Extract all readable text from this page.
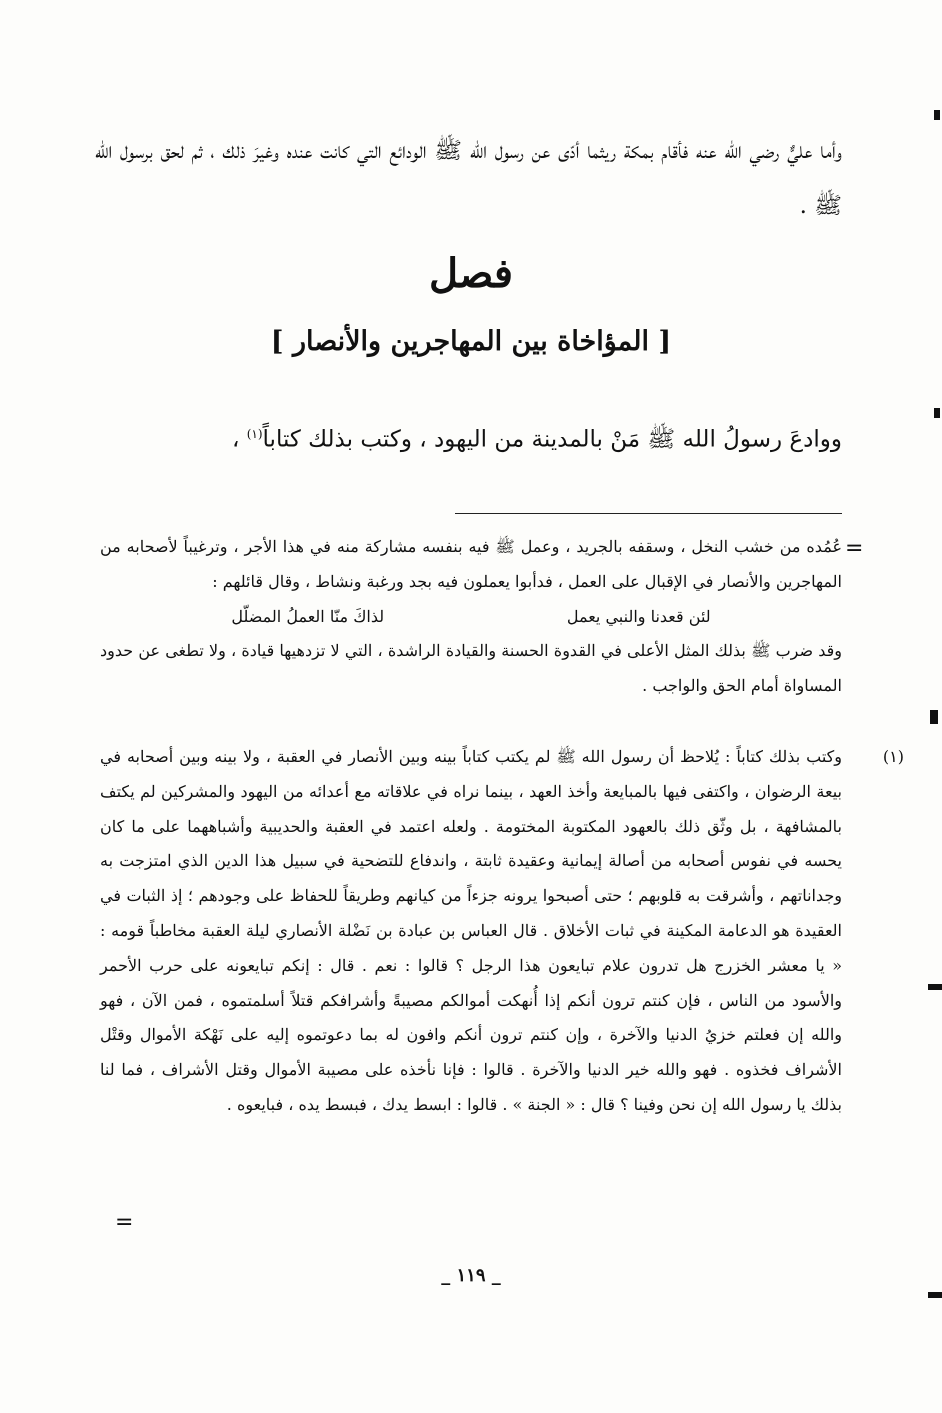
وأما عليٌّ رضي الله عنه فأقام بمكة ريثما أدّى عن رسول الله ﷺ الودائع التي كانت عنده وغيرَ ذلك ، ثم لحق برسول الله ﷺ .

فصل
[ المؤاخاة بين المهاجرين والأنصار ]

ووادعَ رسولُ الله ﷺ مَنْ بالمدينة من اليهود ، وكتب بذلك كتاباً$^{(١)}$ ،

عُمُده من خشب النخل ، وسقفه بالجريد ، وعمل ﷺ فيه بنفسه مشاركة منه في هذا الأجر ، وترغيباً لأصحابه من المهاجرين والأنصار في الإقبال على العمل ، فدأبوا يعملون فيه بجد ورغبة ونشاط ، وقال قائلهم :

لئن قعدنا والنبي يعمل
لذاكَ منّا العملُ المضلّل

وقد ضرب ﷺ بذلك المثل الأعلى في القدوة الحسنة والقيادة الراشدة ، التي لا تزدهيها قيادة ، ولا تطغى عن حدود المساواة أمام الحق والواجب .

=
(١)

وكتب بذلك كتاباً : يُلاحظ أن رسول الله ﷺ لم يكتب كتاباً بينه وبين الأنصار في العقبة ، ولا بينه وبين أصحابه في بيعة الرضوان ، واكتفى فيها بالمبايعة وأخذ العهد ، بينما نراه في علاقاته مع أعدائه من اليهود والمشركين لم يكتف بالمشافهة ، بل وثّق ذلك بالعهود المكتوبة المختومة . ولعله اعتمد في العقبة والحديبية وأشباههما على ما كان يحسه في نفوس أصحابه من أصالة إيمانية وعقيدة ثابتة ، واندفاع للتضحية في سبيل هذا الدين الذي امتزجت به وجداناتهم ، وأشرقت به قلوبهم ؛ حتى أصبحوا يرونه جزءاً من كيانهم وطريقاً للحفاظ على وجودهم ؛ إذ الثبات في العقيدة هو الدعامة المكينة في ثبات الأخلاق . قال العباس بن عبادة بن نَضْلة الأنصاري ليلة العقبة مخاطباً قومه : « يا معشر الخزرج هل تدرون علام تبايعون هذا الرجل ؟ قالوا : نعم . قال : إنكم تبايعونه على حرب الأحمر والأسود من الناس ، فإن كنتم ترون أنكم إذا أُنهكت أموالكم مصيبةً وأشرافكم قتلاً أسلمتموه ، فمن الآن ، فهو والله إن فعلتم خزيُ الدنيا والآخرة ، وإن كنتم ترون أنكم وافون له بما دعوتموه إليه على نَهْكة الأموال وقتْل الأشراف فخذوه . فهو والله خير الدنيا والآخرة . قالوا : فإنا نأخذه على مصيبة الأموال وقتل الأشراف ، فما لنا بذلك يا رسول الله إن نحن وفينا ؟ قال : « الجنة » . قالوا : ابسط يدك ، فبسط يده ، فبايعوه .

=
_ ١١٩ _
